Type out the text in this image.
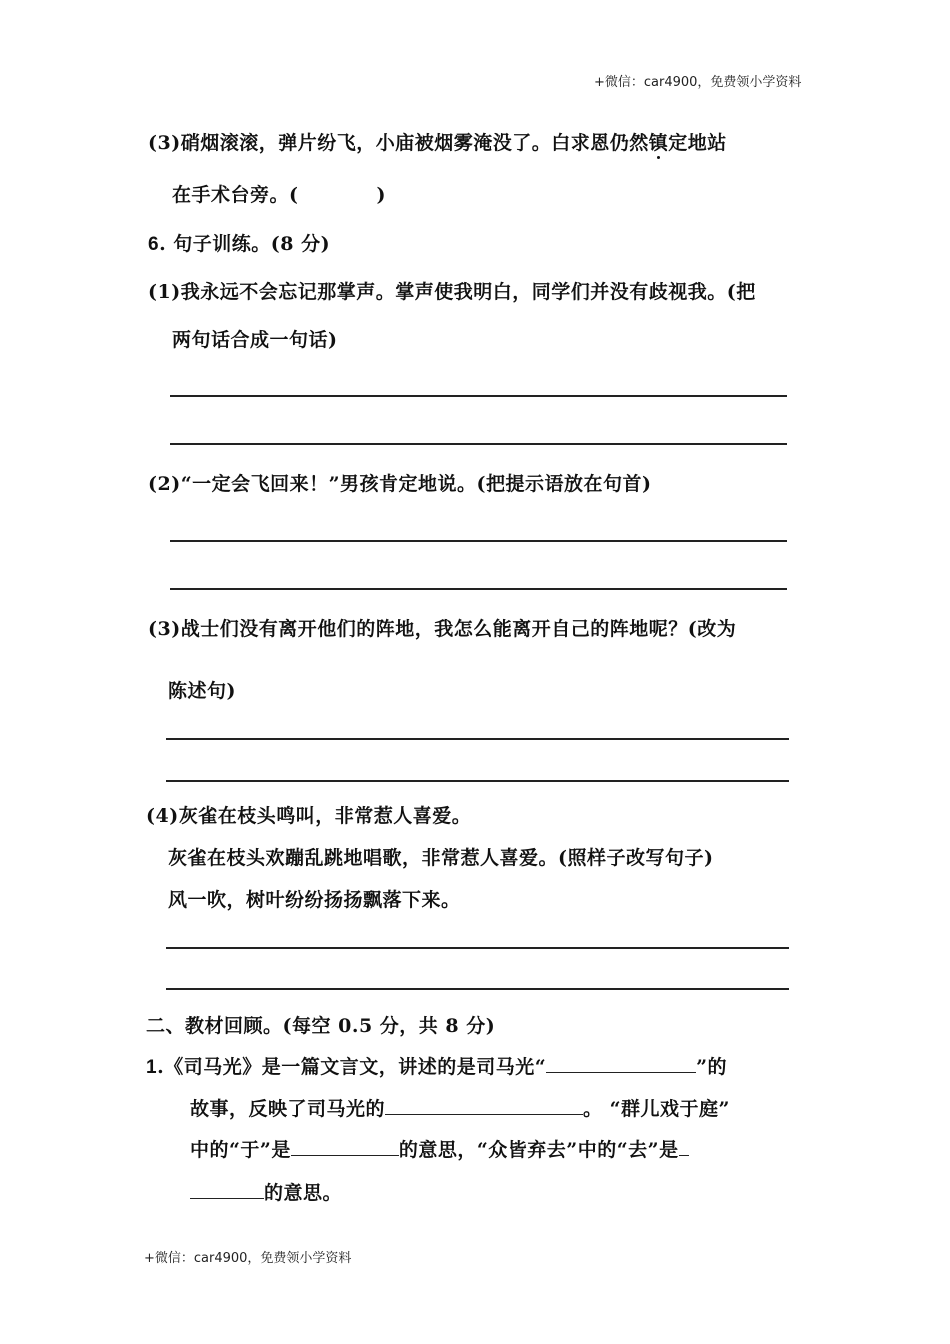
+微信：car4900，免费领小学资料
(3)硝烟滚滚，弹片纷飞，小庙被烟雾淹没了。白求恩仍然镇定地站
在手术台旁。(　　　　)
6. 句子训练。(8 分)
(1)我永远不会忘记那掌声。掌声使我明白，同学们并没有歧视我。(把
两句话合成一句话)
(2)“一定会飞回来！”男孩肯定地说。(把提示语放在句首)
(3)战士们没有离开他们的阵地，我怎么能离开自己的阵地呢？(改为
陈述句)
(4)灰雀在枝头鸣叫，非常惹人喜爱。
灰雀在枝头欢蹦乱跳地唱歌，非常惹人喜爱。(照样子改写句子)
风一吹，树叶纷纷扬扬飘落下来。
二、教材回顾。(每空 0.5 分，共 8 分)
1.《司马光》是一篇文言文，讲述的是司马光“	”的
故事，反映了司马光的	。 “群儿戏于庭”
中的“于”是	的意思，“众皆弃去”中的“去”是
的意思。
+微信：car4900，免费领小学资料
